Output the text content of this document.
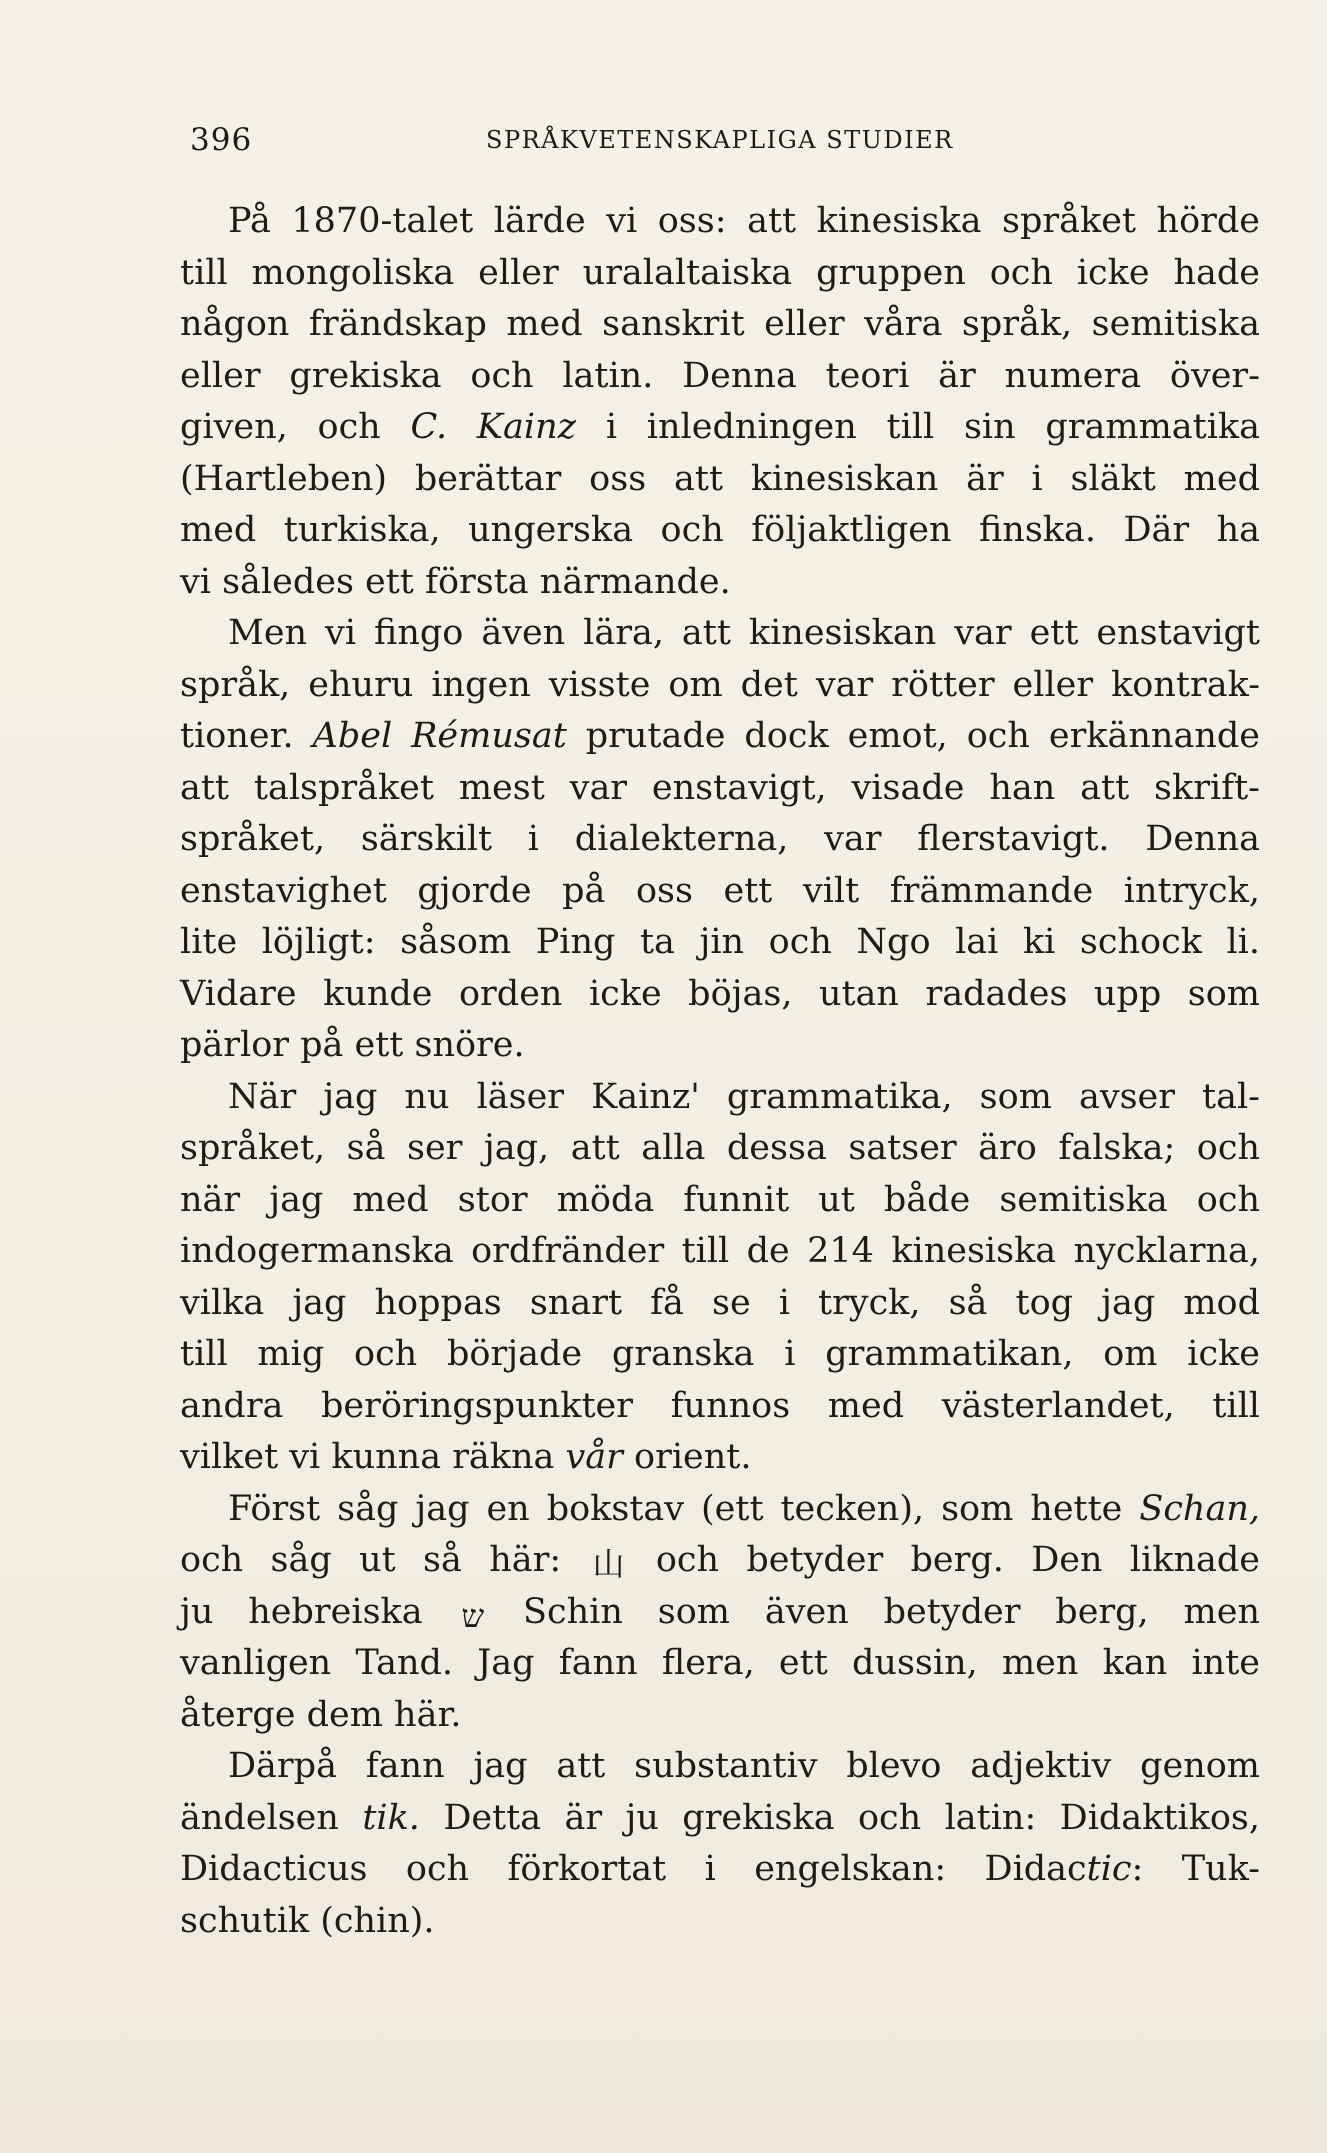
396	SPRÅKVETENSKAPLIGA STUDIER
På 1870-talet lärde vi oss: att kinesiska språket hörde
till mongoliska eller uralaltaiska gruppen och icke hade
någon frändskap med sanskrit eller våra språk, semitiska
eller grekiska och latin. Denna teori är numera över-
given, och C. Kainz i inledningen till sin grammatika
(Hartleben) berättar oss att kinesiskan är i släkt med
med turkiska, ungerska och följaktligen finska. Där ha
vi således ett första närmande.
Men vi fingo även lära, att kinesiskan var ett enstavigt
språk, ehuru ingen visste om det var rötter eller kontrak-
tioner. Abel Rémusat prutade dock emot, och erkännande
att talspråket mest var enstavigt, visade han att skrift-
språket, särskilt i dialekterna, var flerstavigt. Denna
enstavighet gjorde på oss ett vilt främmande intryck,
lite löjligt: såsom Ping ta jin och Ngo lai ki schock li.
Vidare kunde orden icke böjas, utan radades upp som
pärlor på ett snöre.
När jag nu läser Kainz' grammatika, som avser tal-
språket, så ser jag, att alla dessa satser äro falska; och
när jag med stor möda funnit ut både semitiska och
indogermanska ordfränder till de 214 kinesiska nycklarna,
vilka jag hoppas snart få se i tryck, så tog jag mod
till mig och började granska i grammatikan, om icke
andra beröringspunkter funnos med västerlandet, till
vilket vi kunna räkna vår orient.
Först såg jag en bokstav (ett tecken), som hette Schan,
och såg ut så här: 山 och betyder berg. Den liknade
ju hebreiska ש Schin som även betyder berg, men
vanligen Tand. Jag fann flera, ett dussin, men kan inte
återge dem här.
Därpå fann jag att substantiv blevo adjektiv genom
ändelsen tik. Detta är ju grekiska och latin: Didaktikos,
Didacticus och förkortat i engelskan: Didactic: Tuk-
schutik (chin).
